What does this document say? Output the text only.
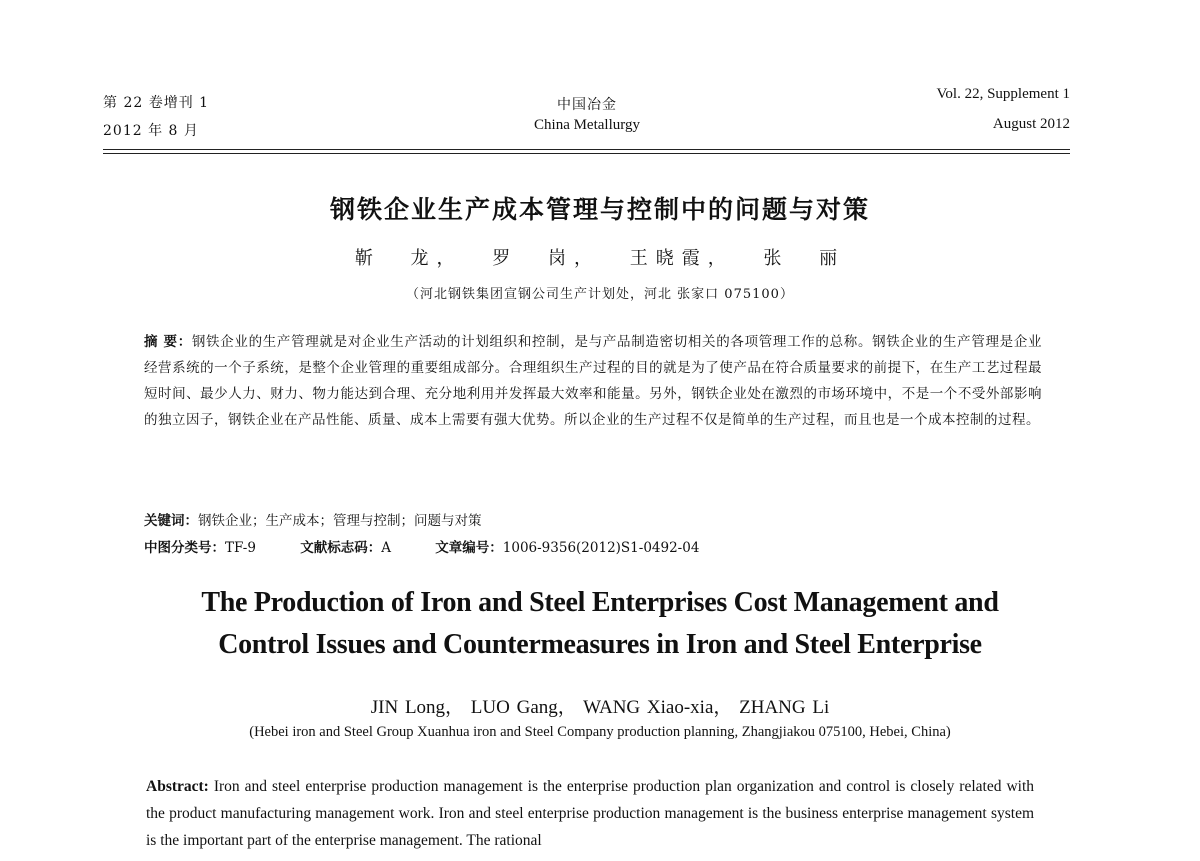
第 22 卷增刊 1
2012 年 8 月
中国冶金
China Metallurgy
Vol. 22, Supplement 1
August 2012
钢铁企业生产成本管理与控制中的问题与对策
靳 龙， 罗 岗， 王晓霞， 张 丽
（河北钢铁集团宣钢公司生产计划处，河北 张家口 075100）
摘 要：钢铁企业的生产管理就是对企业生产活动的计划组织和控制，是与产品制造密切相关的各项管理工作的总称。钢铁企业的生产管理是企业经营系统的一个子系统，是整个企业管理的重要组成部分。合理组织生产过程的目的就是为了使产品在符合质量要求的前提下，在生产工艺过程最短时间、最少人力、财力、物力能达到合理、充分地利用并发挥最大效率和能量。另外，钢铁企业处在激烈的市场环境中，不是一个不受外部影响的独立因子，钢铁企业在产品性能、质量、成本上需要有强大优势。所以企业的生产过程不仅是简单的生产过程，而且也是一个成本控制的过程。
关键词：钢铁企业；生产成本；管理与控制；问题与对策
中图分类号：TF-9	文献标志码：A	文章编号：1006-9356(2012)S1-0492-04
The Production of Iron and Steel Enterprises Cost Management and
Control Issues and Countermeasures in Iron and Steel Enterprise
JIN Long， LUO Gang， WANG Xiao-xia， ZHANG Li
(Hebei iron and Steel Group Xuanhua iron and Steel Company production planning, Zhangjiakou 075100, Hebei, China)
Abstract: Iron and steel enterprise production management is the enterprise production plan organization and control is closely related with the product manufacturing management work. Iron and steel enterprise production management is the business enterprise management system is the important part of the enterprise management. The rational
